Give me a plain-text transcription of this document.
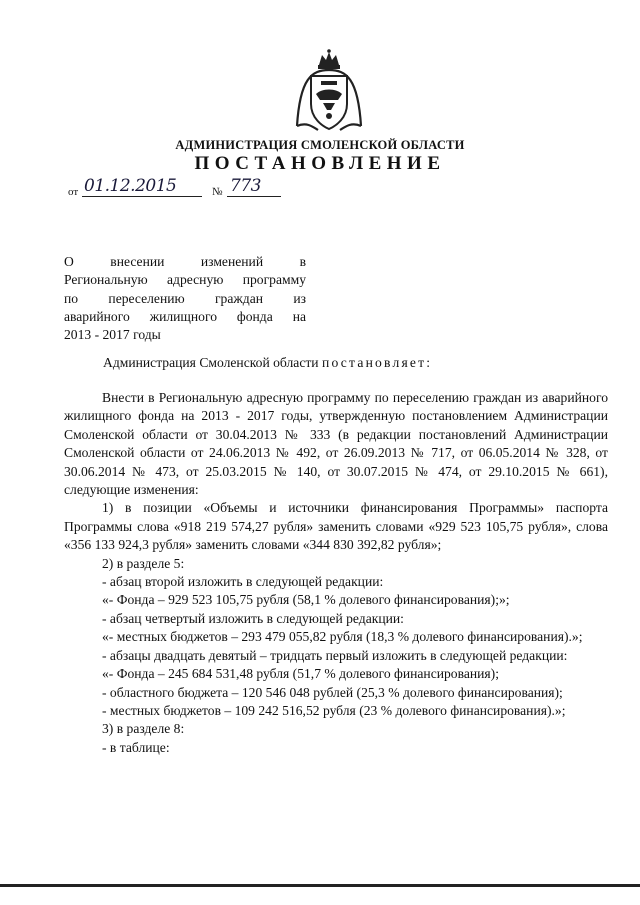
АДМИНИСТРАЦИЯ СМОЛЕНСКОЙ ОБЛАСТИ
ПОСТАНОВЛЕНИЕ
от 01.12.2015	№ 773
О внесении изменений в
Региональную адресную программу
по переселению граждан из
аварийного жилищного фонда на
2013 - 2017 годы
Администрация Смоленской области постановляет:

Внести в Региональную адресную программу по переселению граждан из аварийного жилищного фонда на 2013 - 2017 годы, утвержденную постановлением Администрации Смоленской области от 30.04.2013 № 333 (в редакции постановлений Администрации Смоленской области от 24.06.2013 № 492, от 26.09.2013 № 717, от 06.05.2014 № 328, от 30.06.2014 № 473, от 25.03.2015 № 140, от 30.07.2015 № 474, от 29.10.2015 № 661), следующие изменения:

1) в позиции «Объемы и источники финансирования Программы» паспорта Программы слова «918 219 574,27 рубля» заменить словами «929 523 105,75 рубля», слова «356 133 924,3 рубля» заменить словами «344 830 392,82 рубля»;

2) в разделе 5:

- абзац второй изложить в следующей редакции:

«- Фонда – 929 523 105,75 рубля (58,1 % долевого финансирования);»;

- абзац четвертый изложить в следующей редакции:

«- местных бюджетов – 293 479 055,82 рубля (18,3 % долевого финансирования).»;

- абзацы двадцать девятый – тридцать первый изложить в следующей редакции:

«- Фонда – 245 684 531,48 рубля (51,7 % долевого финансирования);

- областного бюджета – 120 546 048 рублей (25,3 % долевого финансирования);

- местных бюджетов – 109 242 516,52 рубля (23 % долевого финансирования).»;

3) в разделе 8:

- в таблице:
